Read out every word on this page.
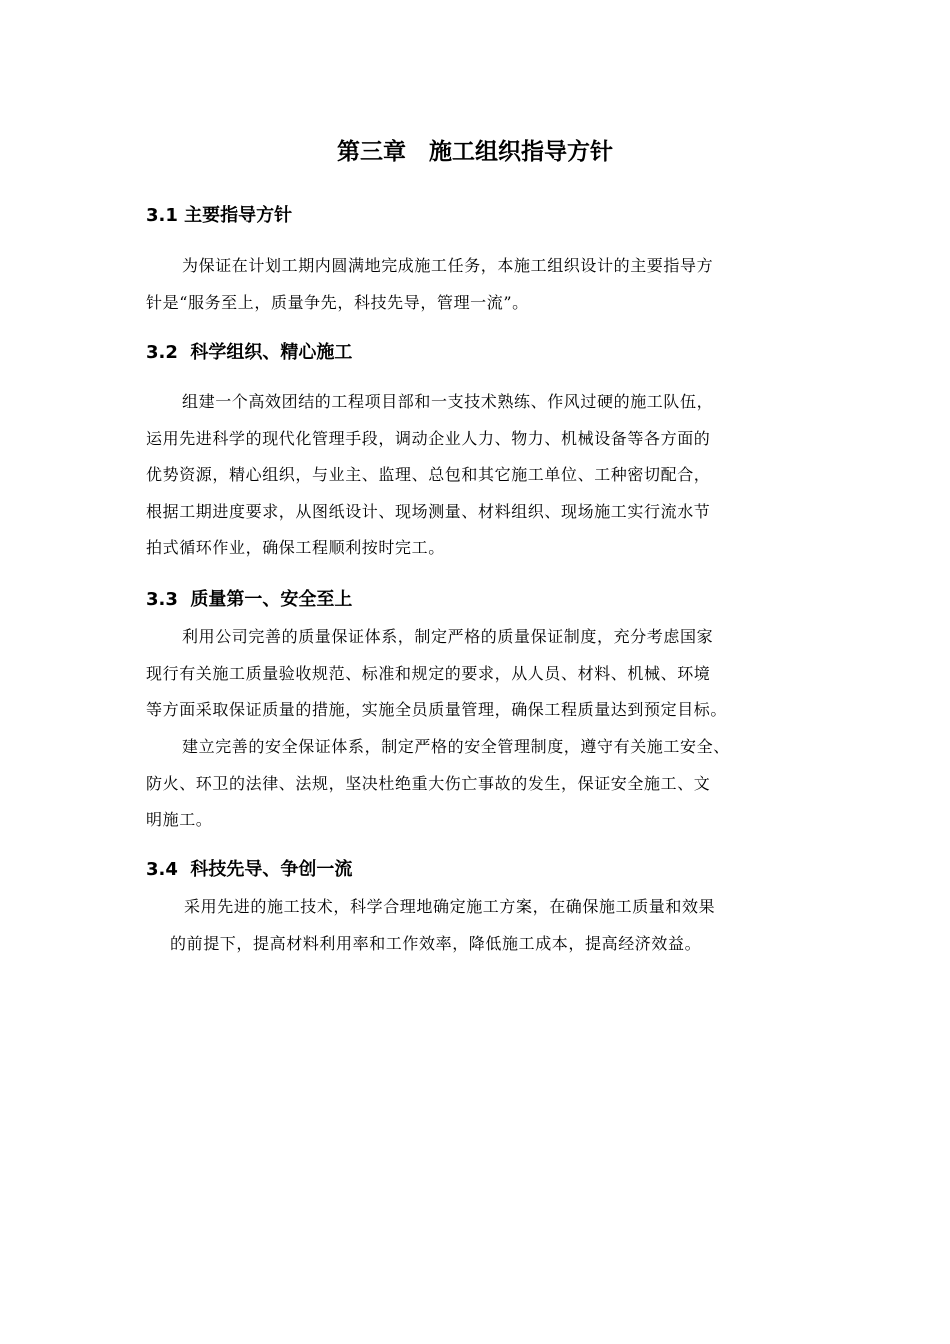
第三章　施工组织指导方针
3.1 主要指导方针
为保证在计划工期内圆满地完成施工任务，本施工组织设计的主要指导方
针是“服务至上，质量争先，科技先导，管理一流”。
3.2  科学组织、精心施工
组建一个高效团结的工程项目部和一支技术熟练、作风过硬的施工队伍，
运用先进科学的现代化管理手段，调动企业人力、物力、机械设备等各方面的
优势资源，精心组织，与业主、监理、总包和其它施工单位、工种密切配合，
根据工期进度要求，从图纸设计、现场测量、材料组织、现场施工实行流水节
拍式循环作业，确保工程顺利按时完工。
3.3  质量第一、安全至上
利用公司完善的质量保证体系，制定严格的质量保证制度，充分考虑国家
现行有关施工质量验收规范、标准和规定的要求，从人员、材料、机械、环境
等方面采取保证质量的措施，实施全员质量管理，确保工程质量达到预定目标。
建立完善的安全保证体系，制定严格的安全管理制度，遵守有关施工安全、
防火、环卫的法律、法规，坚决杜绝重大伤亡事故的发生，保证安全施工、文
明施工。
3.4  科技先导、争创一流
采用先进的施工技术，科学合理地确定施工方案，在确保施工质量和效果
的前提下，提高材料利用率和工作效率，降低施工成本，提高经济效益。
